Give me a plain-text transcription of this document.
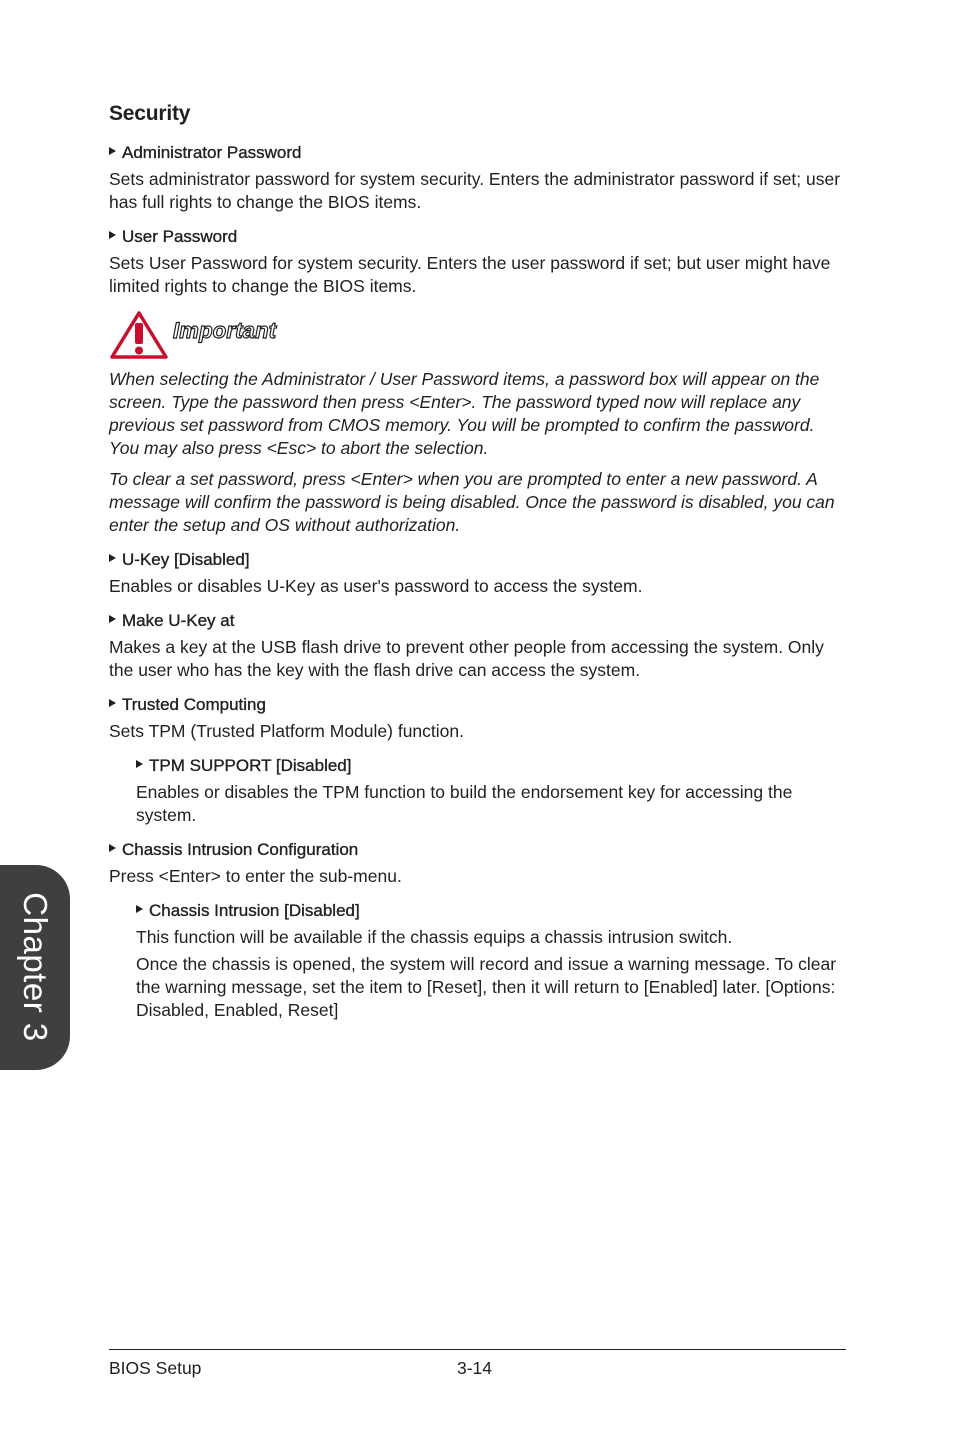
Security
Administrator Password
Sets administrator password for system security. Enters the administrator password if set; user has full rights to change the BIOS items.
User Password
Sets User Password for system security. Enters the user password if set; but user might have limited rights to change the BIOS items.
Important
When selecting the Administrator / User Password items, a password box will appear on the screen. Type the password then press <Enter>. The password typed now will replace any previous set password from CMOS memory. You will be prompted to confirm the password. You may also press <Esc> to abort the selection.
To clear a set password, press <Enter> when you are prompted to enter a new password. A message will confirm the password is being disabled. Once the password is disabled, you can enter the setup and OS without authorization.
U-Key [Disabled]
Enables or disables U-Key as user's password to access the system.
Make U-Key at
Makes a key at the USB flash drive to prevent other people from accessing the system. Only the user who has the key with the flash drive can access the system.
Trusted Computing
Sets TPM (Trusted Platform Module) function.
TPM SUPPORT [Disabled]
Enables or disables the TPM function to build the endorsement key for accessing the system.
Chassis Intrusion Configuration
Press <Enter> to enter the sub-menu.
Chassis Intrusion [Disabled]
This function will be available if the chassis equips a chassis intrusion switch.
Once the chassis is opened, the system will record and issue a warning message. To clear the warning message, set the item to [Reset], then it will return to [Enabled] later. [Options: Disabled, Enabled, Reset]
Chapter 3
BIOS Setup	3-14
